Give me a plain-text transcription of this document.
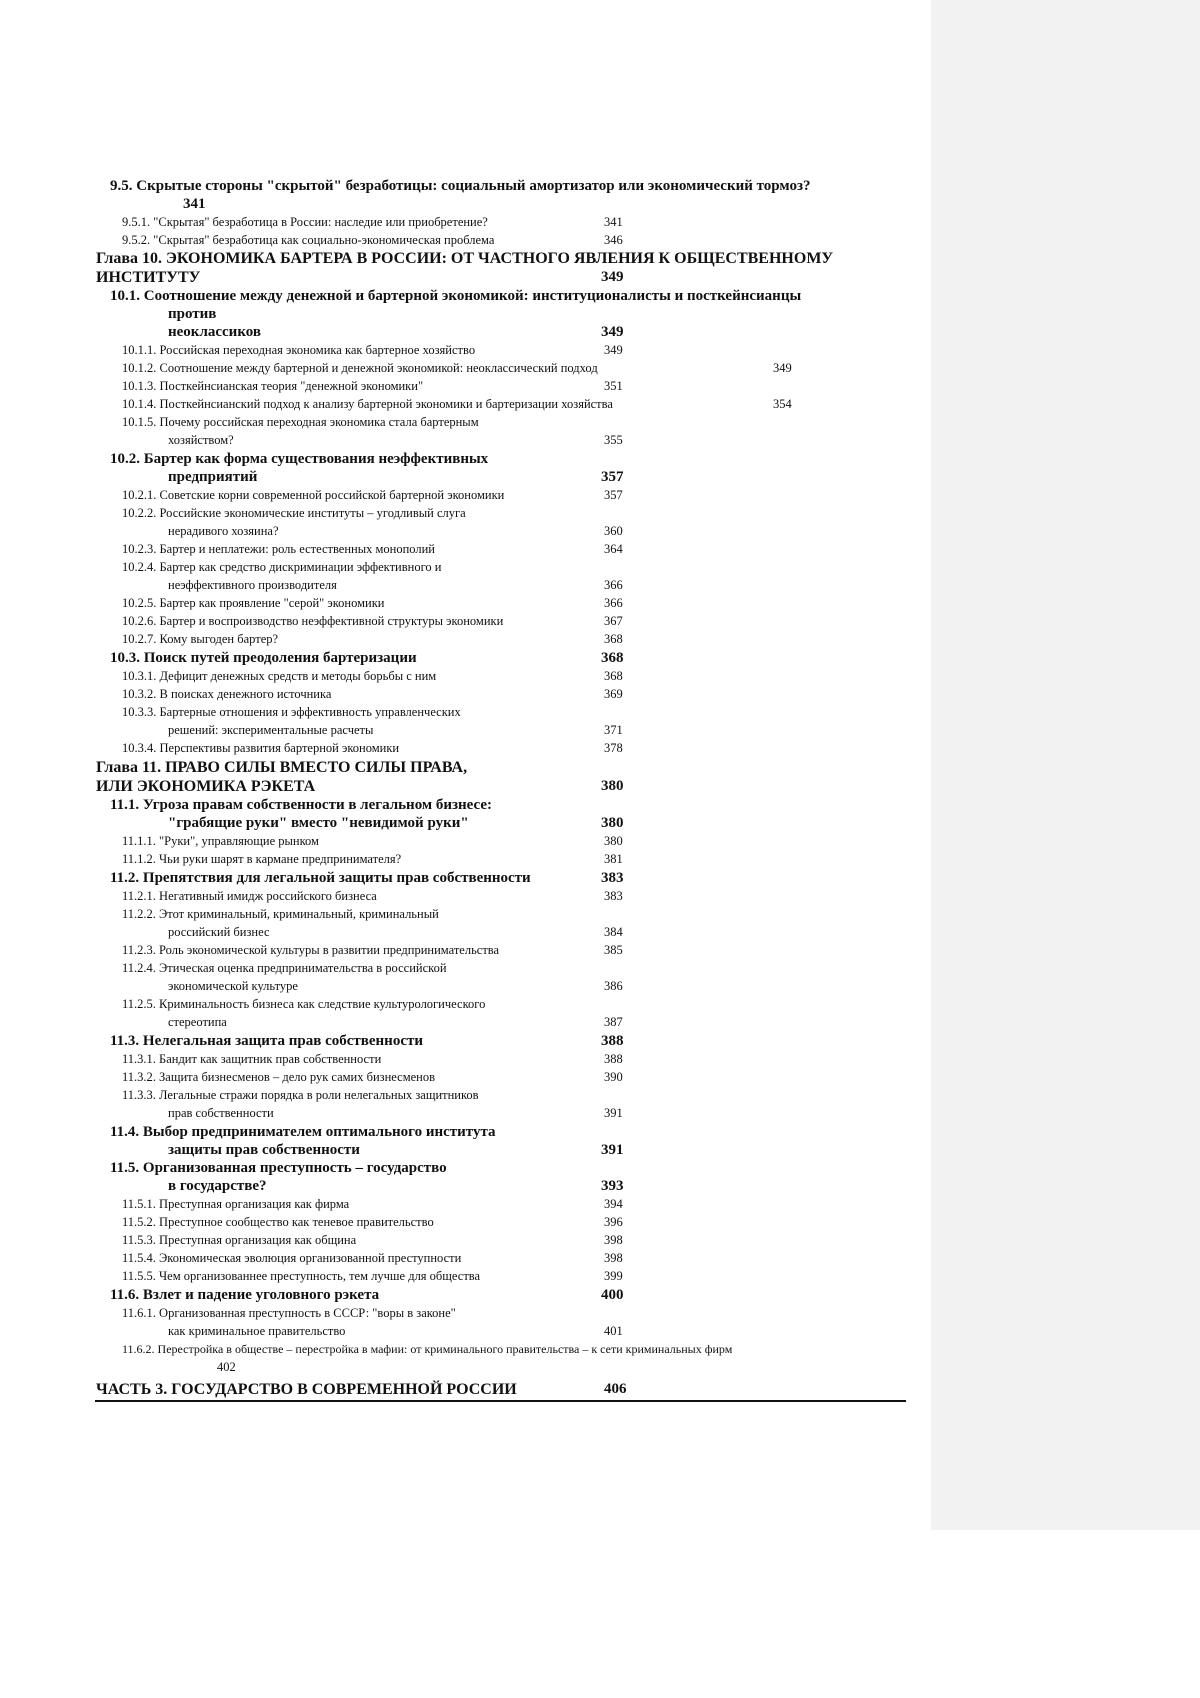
9.5. Скрытые стороны "скрытой" безработицы: социальный амортизатор или экономический тормоз?
341
9.5.1. "Скрытая" безработица в России: наследие или приобретение?	341
9.5.2. "Скрытая" безработица как социально-экономическая проблема	346
Глава 10. ЭКОНОМИКА БАРТЕРА В РОССИИ: ОТ ЧАСТНОГО ЯВЛЕНИЯ К ОБЩЕСТВЕННОМУ
ИНСТИТУТУ	349
10.1. Соотношение между денежной и бартерной экономикой: институционалисты и посткейнсианцы
против
неоклассиков	349
10.1.1. Российская переходная экономика как бартерное хозяйство	349
10.1.2. Соотношение между бартерной и денежной экономикой: неоклассический подход	349
10.1.3. Посткейнсианская теория "денежной экономики"	351
10.1.4. Посткейнсианский подход к анализу бартерной экономики и бартеризации хозяйства	354
10.1.5. Почему российская переходная экономика стала бартерным
хозяйством?	355
10.2. Бартер как форма существования неэффективных
предприятий	357
10.2.1. Советские корни современной российской бартерной экономики	357
10.2.2. Российские экономические институты – угодливый слуга
нерадивого хозяина?	360
10.2.3. Бартер и неплатежи: роль естественных монополий	364
10.2.4. Бартер как средство дискриминации эффективного и
неэффективного производителя	366
10.2.5. Бартер как проявление "серой" экономики	366
10.2.6. Бартер и воспроизводство неэффективной структуры экономики	367
10.2.7. Кому выгоден бартер?	368
10.3. Поиск путей преодоления бартеризации	368
10.3.1. Дефицит денежных средств и методы борьбы с ним	368
10.3.2. В поисках денежного источника	369
10.3.3. Бартерные отношения и эффективность управленческих
решений: экспериментальные расчеты	371
10.3.4. Перспективы развития бартерной экономики	378
Глава 11. ПРАВО СИЛЫ ВМЕСТО СИЛЫ ПРАВА,
ИЛИ ЭКОНОМИКА РЭКЕТА	380
11.1. Угроза правам собственности в легальном бизнесе:
"грабящие руки" вместо "невидимой руки"	380
11.1.1. "Руки", управляющие рынком	380
11.1.2. Чьи руки шарят в кармане предпринимателя?	381
11.2. Препятствия для легальной защиты прав собственности	383
11.2.1. Негативный имидж российского бизнеса	383
11.2.2. Этот криминальный, криминальный, криминальный
российский бизнес	384
11.2.3. Роль экономической культуры в развитии предпринимательства	385
11.2.4. Этическая оценка предпринимательства в российской
экономической культуре	386
11.2.5. Криминальность бизнеса как следствие культурологического
стереотипа	387
11.3. Нелегальная защита прав собственности	388
11.3.1. Бандит как защитник прав собственности	388
11.3.2. Защита бизнесменов – дело рук самих бизнесменов	390
11.3.3. Легальные стражи порядка в роли нелегальных защитников
прав собственности	391
11.4. Выбор предпринимателем оптимального института
защиты прав собственности	391
11.5. Организованная преступность – государство
в государстве?	393
11.5.1. Преступная организация как фирма	394
11.5.2. Преступное сообщество как теневое правительство	396
11.5.3. Преступная организация как община	398
11.5.4. Экономическая эволюция организованной преступности	398
11.5.5. Чем организованнее преступность, тем лучше для общества	399
11.6. Взлет и падение уголовного рэкета	400
11.6.1. Организованная преступность в СССР: "воры в законе"
как криминальное правительство	401
11.6.2. Перестройка в обществе – перестройка в мафии: от криминального правительства – к сети криминальных фирм
402
ЧАСТЬ 3. ГОСУДАРСТВО В СОВРЕМЕННОЙ РОССИИ	406
